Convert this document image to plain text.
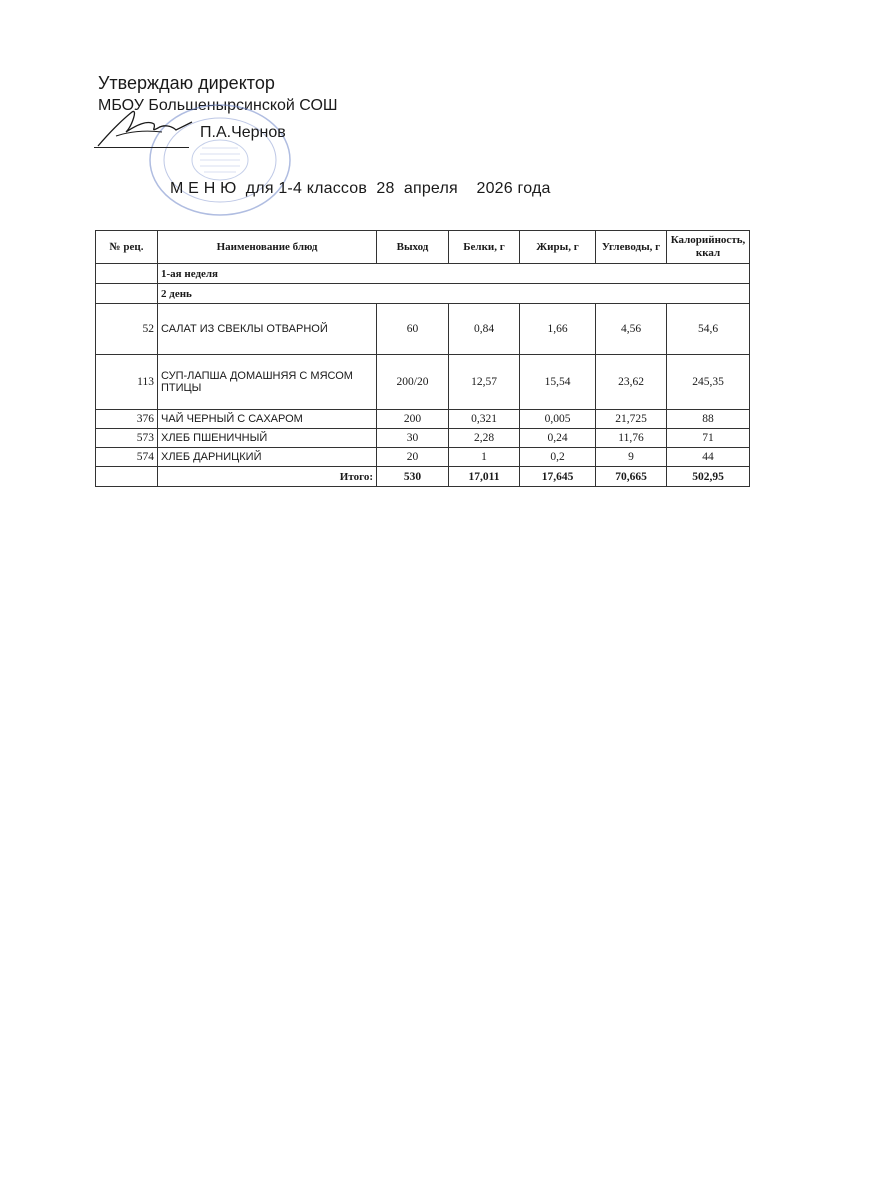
Утверждаю директор
МБОУ Большенырсинской СОШ
П.А.Чернов
М Е Н Ю  для 1-4 классов  28  апреля    2026 года
№ рец.	Наименование блюд	Выход	Белки, г	Жиры, г	Углеводы, г	Калорийность, ккал
	1-ая неделя					
	2 день					
52	САЛАТ ИЗ СВЕКЛЫ ОТВАРНОЙ	60	0,84	1,66	4,56	54,6
113	СУП-ЛАПША ДОМАШНЯЯ С МЯСОМ ПТИЦЫ	200/20	12,57	15,54	23,62	245,35
376	ЧАЙ ЧЕРНЫЙ С САХАРОМ	200	0,321	0,005	21,725	88
573	ХЛЕБ ПШЕНИЧНЫЙ	30	2,28	0,24	11,76	71
574	ХЛЕБ ДАРНИЦКИЙ	20	1	0,2	9	44
	Итого:	530	17,011	17,645	70,665	502,95
